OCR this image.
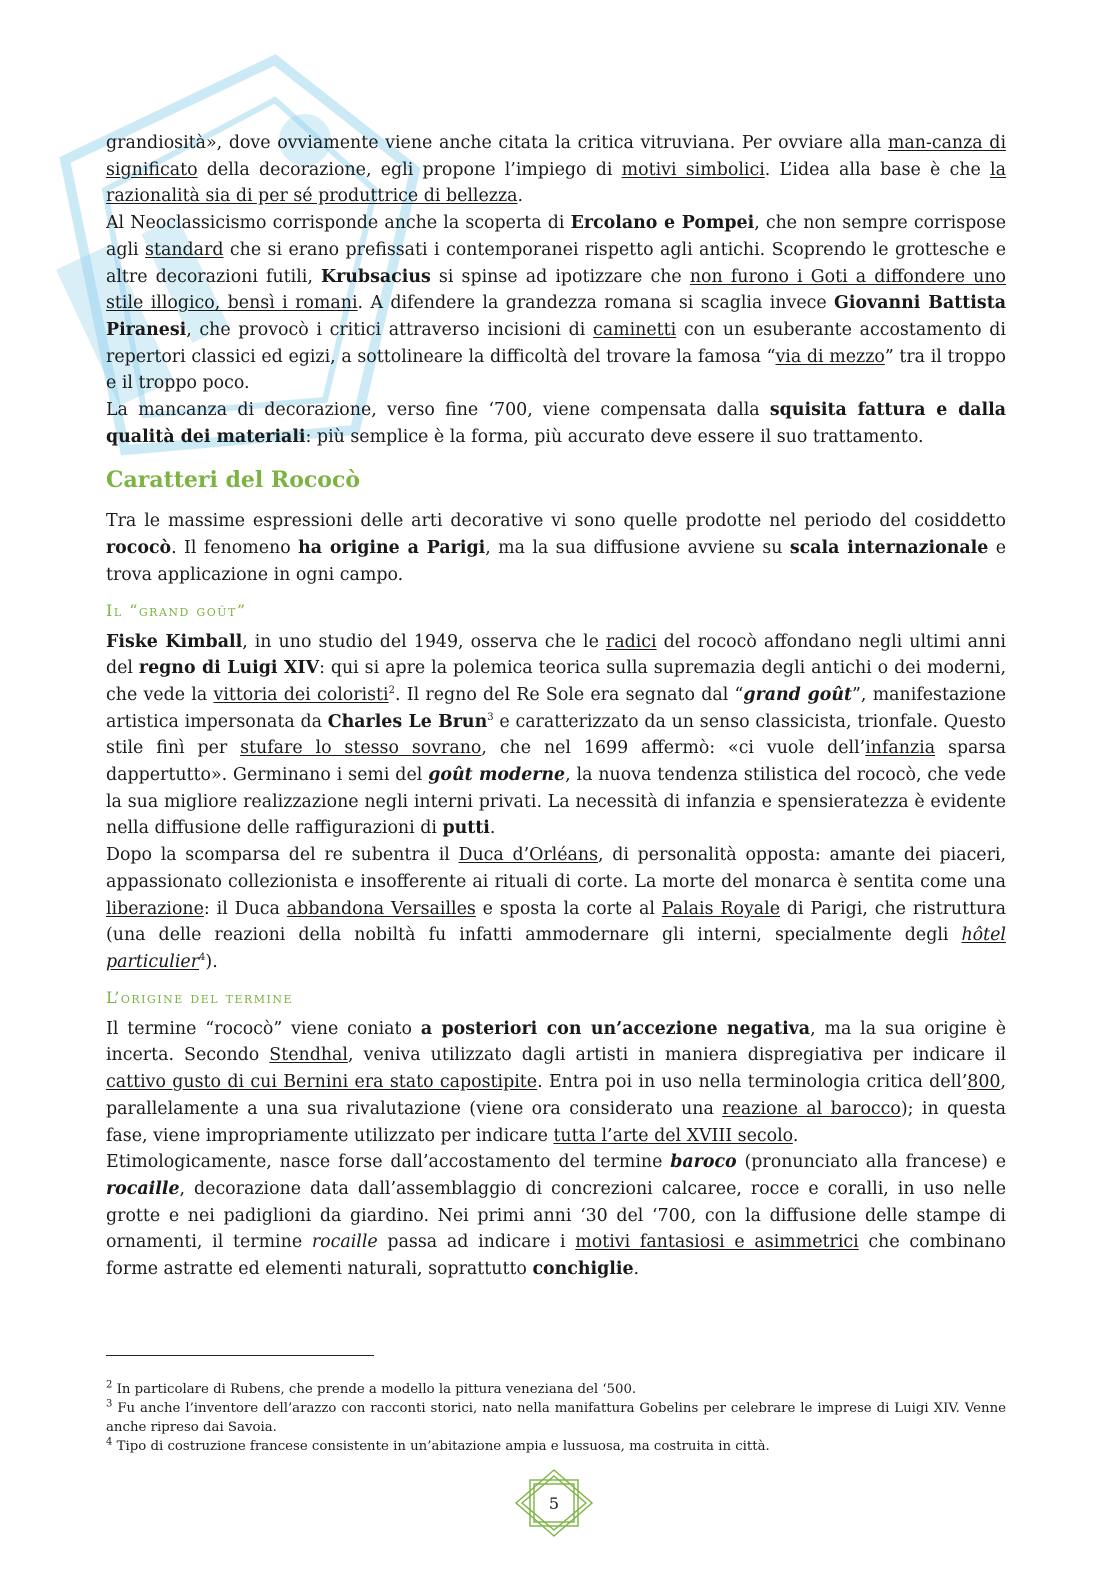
grandiosità», dove ovviamente viene anche citata la critica vitruviana. Per ovviare alla man-canza di significato della decorazione, egli propone l’impiego di motivi simbolici. L’idea alla base è che la razionalità sia di per sé produttrice di bellezza.

Al Neoclassicismo corrisponde anche la scoperta di Ercolano e Pompei, che non sempre corrispose agli standard che si erano prefissati i contemporanei rispetto agli antichi. Scoprendo le grottesche e altre decorazioni futili, Krubsacius si spinse ad ipotizzare che non furono i Goti a diffondere uno stile illogico, bensì i romani. A difendere la grandezza romana si scaglia invece Giovanni Battista Piranesi, che provocò i critici attraverso incisioni di caminetti con un esuberante accostamento di repertori classici ed egizi, a sottolineare la difficoltà del trovare la famosa “via di mezzo” tra il troppo e il troppo poco.

La mancanza di decorazione, verso fine ‘700, viene compensata dalla squisita fattura e dalla qualità dei materiali: più semplice è la forma, più accurato deve essere il suo trattamento.

Caratteri del Rococò

Tra le massime espressioni delle arti decorative vi sono quelle prodotte nel periodo del cosiddetto rococò. Il fenomeno ha origine a Parigi, ma la sua diffusione avviene su scala internazionale e trova applicazione in ogni campo.

Il “grand goût”

Fiske Kimball, in uno studio del 1949, osserva che le radici del rococò affondano negli ultimi anni del regno di Luigi XIV: qui si apre la polemica teorica sulla supremazia degli antichi o dei moderni, che vede la vittoria dei coloristi$^2$. Il regno del Re Sole era segnato dal “grand goût”, manifestazione artistica impersonata da Charles Le Brun$^3$ e caratterizzato da un senso classicista, trionfale. Questo stile finì per stufare lo stesso sovrano, che nel 1699 affermò: «ci vuole dell’infanzia sparsa dappertutto». Germinano i semi del goût moderne, la nuova tendenza stilistica del rococò, che vede la sua migliore realizzazione negli interni privati. La necessità di infanzia e spensieratezza è evidente nella diffusione delle raffigurazioni di putti.

Dopo la scomparsa del re subentra il Duca d’Orléans, di personalità opposta: amante dei piaceri, appassionato collezionista e insofferente ai rituali di corte. La morte del monarca è sentita come una liberazione: il Duca abbandona Versailles e sposta la corte al Palais Royale di Parigi, che ristruttura (una delle reazioni della nobiltà fu infatti ammodernare gli interni, specialmente degli hôtel particulier$^4$).

L’origine del termine

Il termine “rococò” viene coniato a posteriori con un’accezione negativa, ma la sua origine è incerta. Secondo Stendhal, veniva utilizzato dagli artisti in maniera dispregiativa per indicare il cattivo gusto di cui Bernini era stato capostipite. Entra poi in uso nella terminologia critica dell’800, parallelamente a una sua rivalutazione (viene ora considerato una reazione al barocco); in questa fase, viene impropriamente utilizzato per indicare tutta l’arte del XVIII secolo.

Etimologicamente, nasce forse dall’accostamento del termine baroco (pronunciato alla francese) e rocaille, decorazione data dall’assemblaggio di concrezioni calcaree, rocce e coralli, in uso nelle grotte e nei padiglioni da giardino. Nei primi anni ‘30 del ‘700, con la diffusione delle stampe di ornamenti, il termine rocaille passa ad indicare i motivi fantasiosi e asimmetrici che combinano forme astratte ed elementi naturali, soprattutto conchiglie.

$^2$ In particolare di Rubens, che prende a modello la pittura veneziana del ‘500.

$^3$ Fu anche l’inventore dell’arazzo con racconti storici, nato nella manifattura Gobelins per celebrare le imprese di Luigi XIV. Venne anche ripreso dai Savoia.

$^4$ Tipo di costruzione francese consistente in un’abitazione ampia e lussuosa, ma costruita in città.

5
